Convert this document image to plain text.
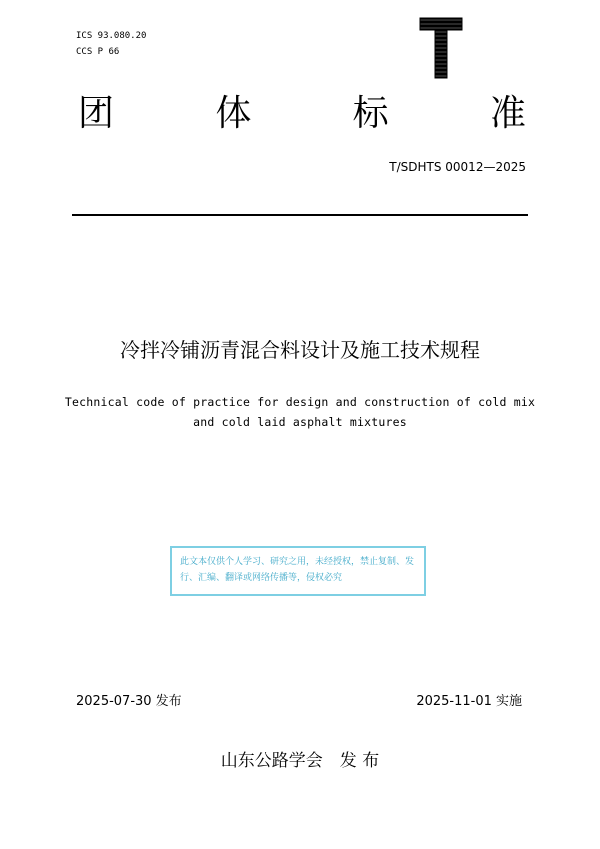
ICS 93.080.20
CCS P 66
团	体	标	准
T/SDHTS 00012—2025
冷拌冷铺沥青混合料设计及施工技术规程
Technical code of practice for design and construction of cold mix
and cold laid asphalt mixtures
此文本仅供个人学习、研究之用，未经授权，禁止复制、发行、汇编、翻译或网络传播等，侵权必究
2025-07-30 发布	2025-11-01 实施
山东公路学会　发 布
